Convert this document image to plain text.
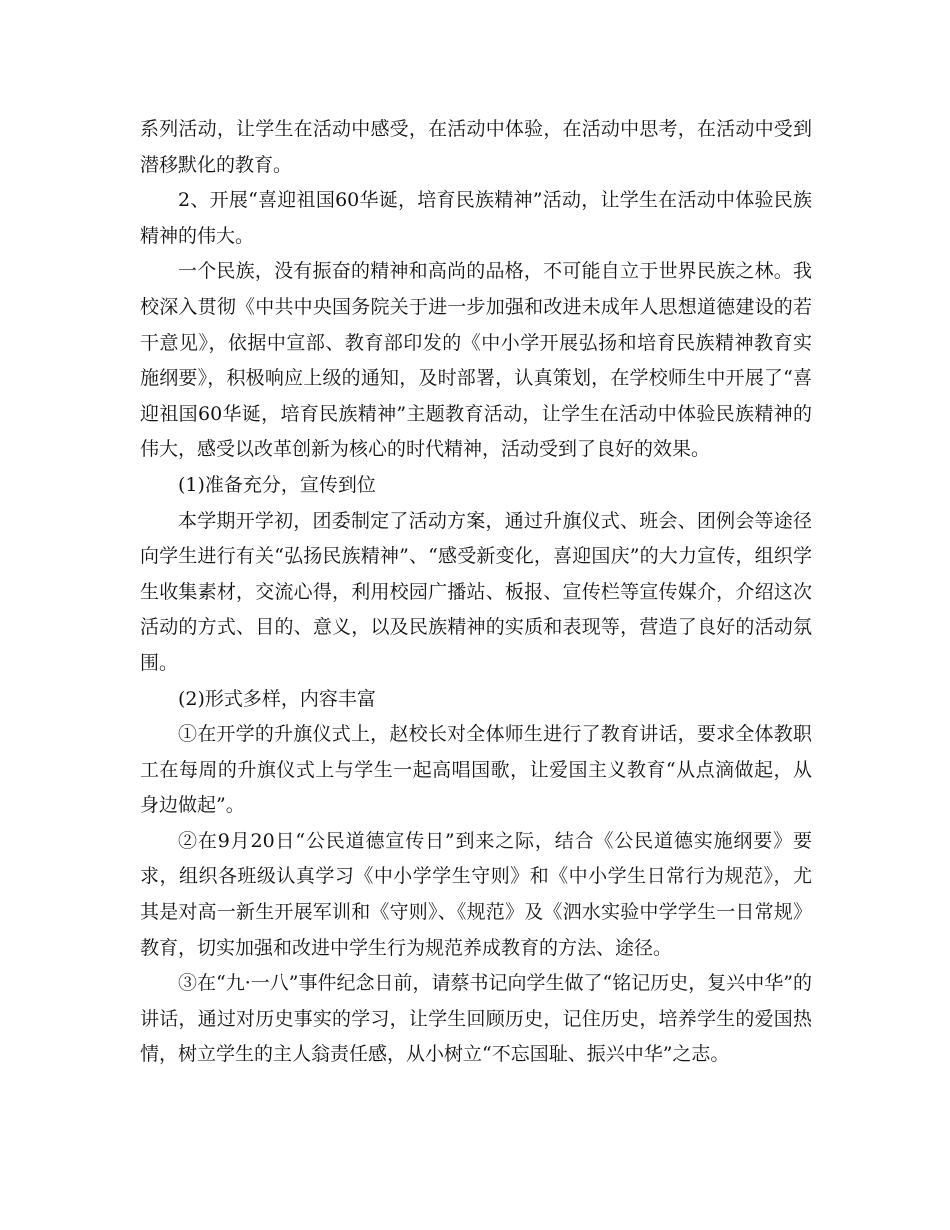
系列活动，让学生在活动中感受，在活动中体验，在活动中思考，在活动中受到潜移默化的教育。

2、开展“喜迎祖国60华诞，培育民族精神”活动，让学生在活动中体验民族精神的伟大。

一个民族，没有振奋的精神和高尚的品格，不可能自立于世界民族之林。我校深入贯彻《中共中央国务院关于进一步加强和改进未成年人思想道德建设的若干意见》，依据中宣部、教育部印发的《中小学开展弘扬和培育民族精神教育实施纲要》，积极响应上级的通知，及时部署，认真策划，在学校师生中开展了“喜迎祖国60华诞，培育民族精神”主题教育活动，让学生在活动中体验民族精神的伟大，感受以改革创新为核心的时代精神，活动受到了良好的效果。

(1)准备充分，宣传到位

本学期开学初，团委制定了活动方案，通过升旗仪式、班会、团例会等途径向学生进行有关“弘扬民族精神”、“感受新变化，喜迎国庆”的大力宣传，组织学生收集素材，交流心得，利用校园广播站、板报、宣传栏等宣传媒介，介绍这次活动的方式、目的、意义，以及民族精神的实质和表现等，营造了良好的活动氛围。

(2)形式多样，内容丰富

①在开学的升旗仪式上，赵校长对全体师生进行了教育讲话，要求全体教职工在每周的升旗仪式上与学生一起高唱国歌，让爱国主义教育“从点滴做起，从身边做起”。

②在9月20日“公民道德宣传日”到来之际，结合《公民道德实施纲要》要求，组织各班级认真学习《中小学学生守则》和《中小学生日常行为规范》，尤其是对高一新生开展军训和《守则》、《规范》及《泗水实验中学学生一日常规》教育，切实加强和改进中学生行为规范养成教育的方法、途径。

③在“九·一八”事件纪念日前，请蔡书记向学生做了“铭记历史，复兴中华”的讲话，通过对历史事实的学习，让学生回顾历史，记住历史，培养学生的爱国热情，树立学生的主人翁责任感，从小树立“不忘国耻、振兴中华”之志。
